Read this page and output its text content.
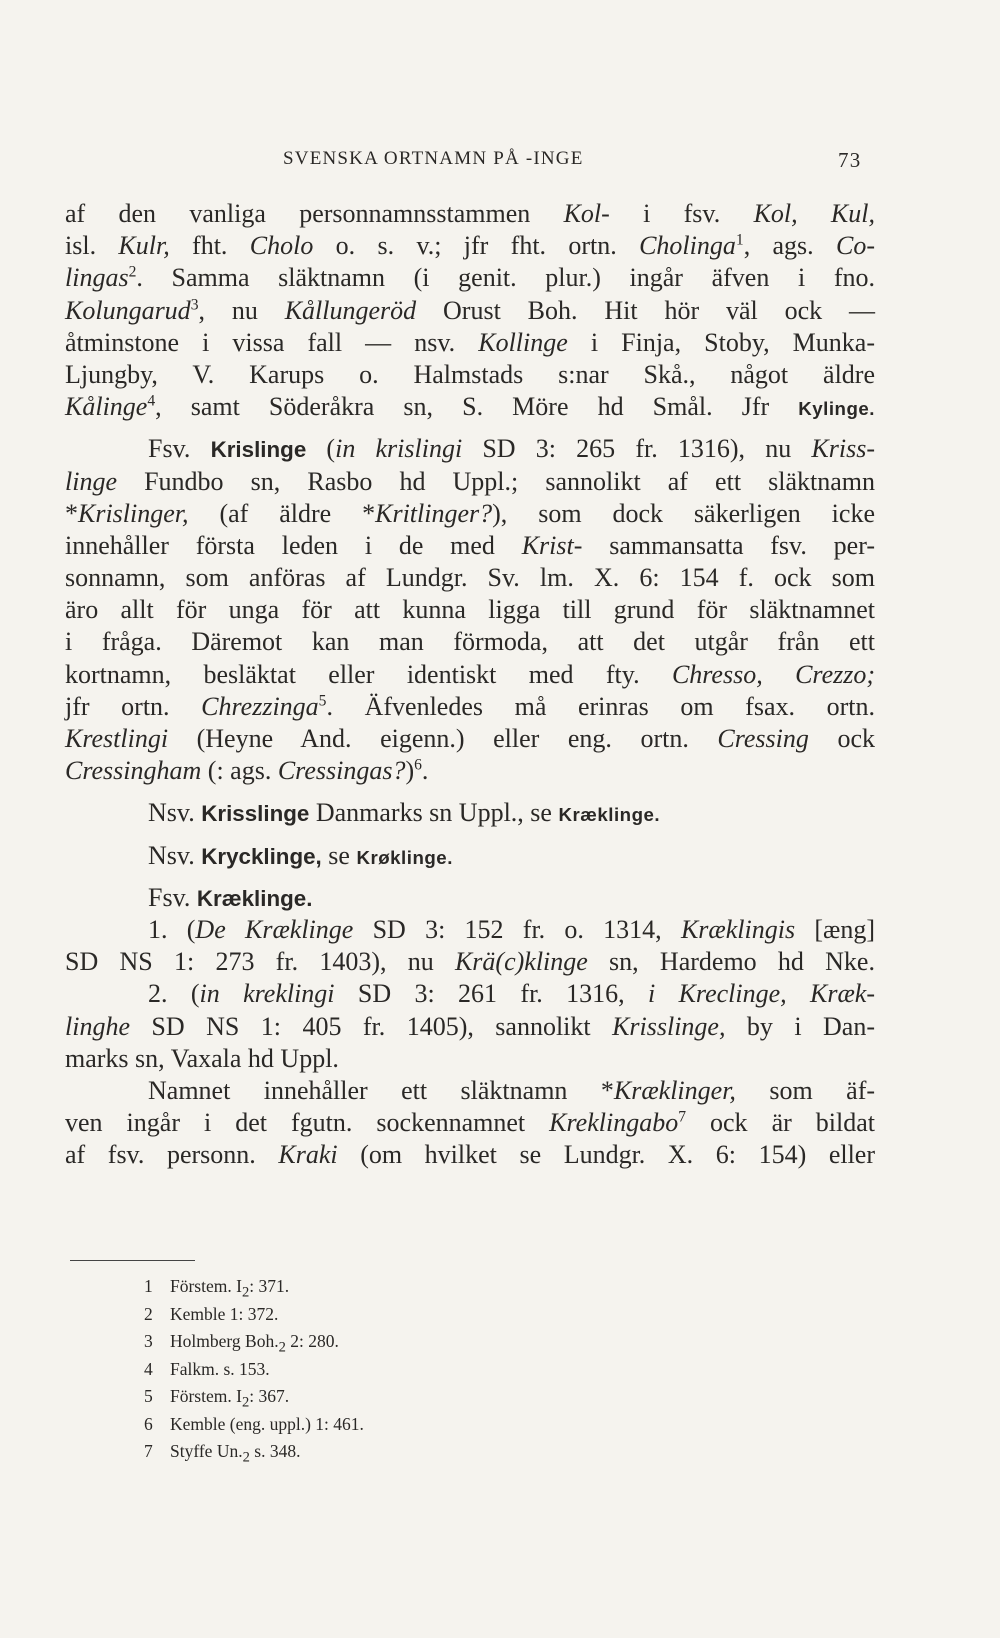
SVENSKA ORTNAMN PÅ -INGE	73
af den vanliga personnamnsstammen Kol- i fsv. Kol, Kul,
isl. Kulr, fht. Cholo o. s. v.; jfr fht. ortn. Cholinga$^1$, ags. Co-
lingas$^2$. Samma släktnamn (i genit. plur.) ingår äfven i fno.
Kolungarud$^3$, nu Kållungeröd Orust Boh. Hit hör väl ock —
åtminstone i vissa fall — nsv. Kollinge i Finja, Stoby, Munka-
Ljungby, V. Karups o. Halmstads s:nar Skå., något äldre
Kålinge$^4$, samt Söderåkra sn, S. Möre hd Smål. Jfr Kylinge.
Fsv. Krislinge (in krislingi SD 3: 265 fr. 1316), nu Kriss-
linge Fundbo sn, Rasbo hd Uppl.; sannolikt af ett släktnamn
*Krislinger, (af äldre *Kritlinger?), som dock säkerligen icke
innehåller första leden i de med Krist- sammansatta fsv. per-
sonnamn, som anföras af Lundgr. Sv. lm. X. 6: 154 f. ock som
äro allt för unga för att kunna ligga till grund för släktnamnet
i fråga. Däremot kan man förmoda, att det utgår från ett
kortnamn, besläktat eller identiskt med fty. Chresso, Crezzo;
jfr ortn. Chrezzinga$^5$. Äfvenledes må erinras om fsax. ortn.
Krestlingi (Heyne And. eigenn.) eller eng. ortn. Cressing ock
Cressingham (: ags. Cressingas?)$^6$.
Nsv. Krisslinge Danmarks sn Uppl., se Kræklinge.
Nsv. Krycklinge, se Krøklinge.
Fsv. Kræklinge.
1. (De Kræklinge SD 3: 152 fr. o. 1314, Kræklingis [æng]
SD NS 1: 273 fr. 1403), nu Krä(c)klinge sn, Hardemo hd Nke.
2. (in kreklingi SD 3: 261 fr. 1316, i Kreclinge, Kræk-
linghe SD NS 1: 405 fr. 1405), sannolikt Krisslinge, by i Dan-
marks sn, Vaxala hd Uppl.
Namnet innehåller ett släktnamn *Kræklinger, som äf-
ven ingår i det fgutn. sockennamnet Kreklingabo$^7$ ock är bildat
af fsv. personn. Kraki (om hvilket se Lundgr. X. 6: 154) eller
1 Förstem. $I_2$: 371.
2 Kemble 1: 372.
3 Holmberg $Boh._2$ 2: 280.
4 Falkm. s. 153.
5 Förstem. $I_2$: 367.
6 Kemble (eng. uppl.) 1: 461.
7 Styffe $Un._2$ s. 348.
